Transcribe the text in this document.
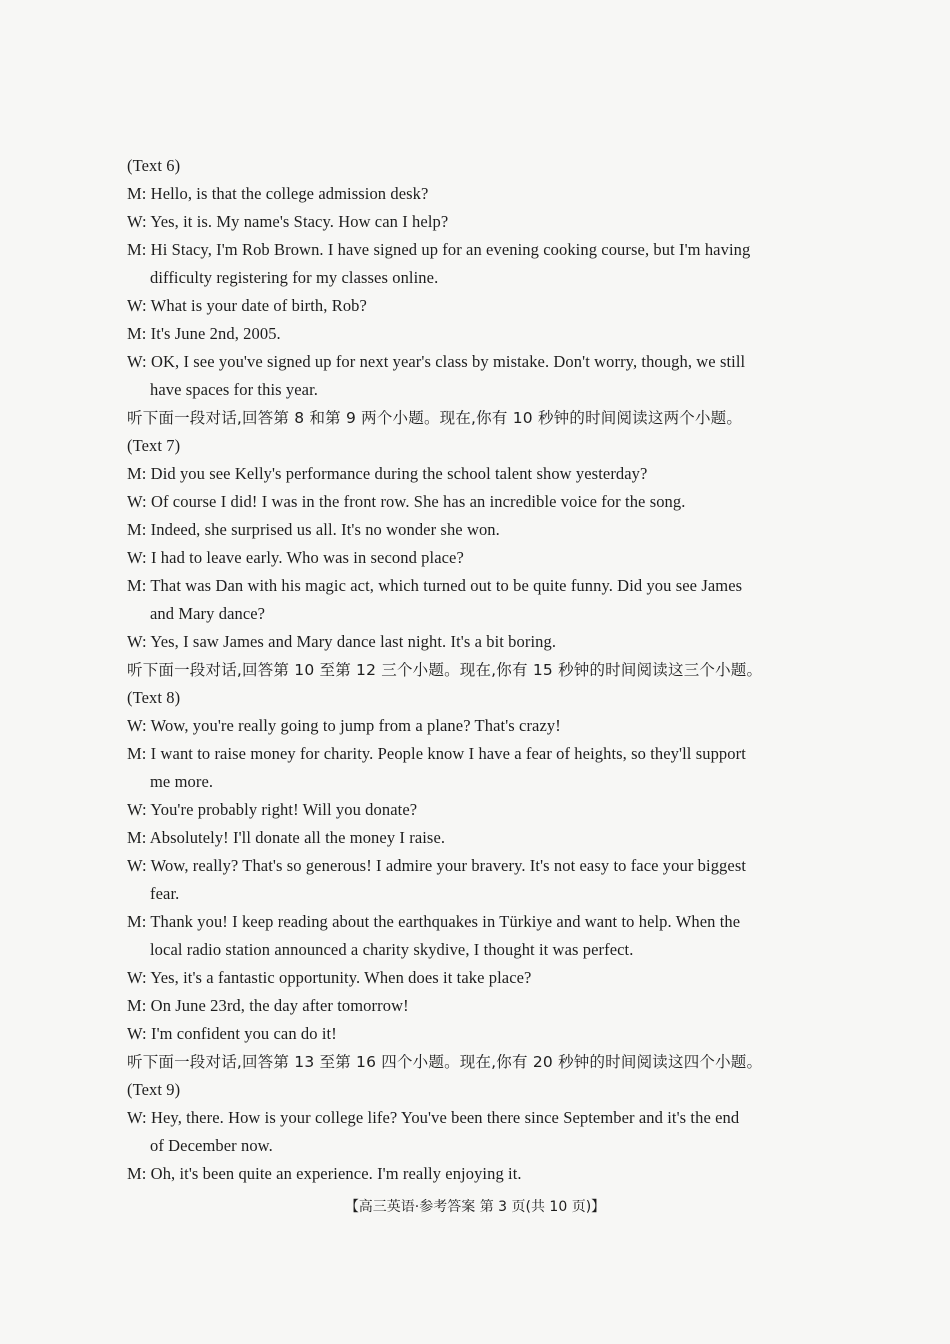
(Text 6)
M: Hello, is that the college admission desk?
W: Yes, it is. My name's Stacy. How can I help?
M: Hi Stacy, I'm Rob Brown. I have signed up for an evening cooking course, but I'm having
difficulty registering for my classes online.
W: What is your date of birth, Rob?
M: It's June 2nd, 2005.
W: OK, I see you've signed up for next year's class by mistake. Don't worry, though, we still
have spaces for this year.
听下面一段对话,回答第 8 和第 9 两个小题。现在,你有 10 秒钟的时间阅读这两个小题。
(Text 7)
M: Did you see Kelly's performance during the school talent show yesterday?
W: Of course I did! I was in the front row. She has an incredible voice for the song.
M: Indeed, she surprised us all. It's no wonder she won.
W: I had to leave early. Who was in second place?
M: That was Dan with his magic act, which turned out to be quite funny. Did you see James
and Mary dance?
W: Yes, I saw James and Mary dance last night. It's a bit boring.
听下面一段对话,回答第 10 至第 12 三个小题。现在,你有 15 秒钟的时间阅读这三个小题。
(Text 8)
W: Wow, you're really going to jump from a plane? That's crazy!
M: I want to raise money for charity. People know I have a fear of heights, so they'll support
me more.
W: You're probably right! Will you donate?
M: Absolutely! I'll donate all the money I raise.
W: Wow, really? That's so generous! I admire your bravery. It's not easy to face your biggest
fear.
M: Thank you! I keep reading about the earthquakes in Türkiye and want to help. When the
local radio station announced a charity skydive, I thought it was perfect.
W: Yes, it's a fantastic opportunity. When does it take place?
M: On June 23rd, the day after tomorrow!
W: I'm confident you can do it!
听下面一段对话,回答第 13 至第 16 四个小题。现在,你有 20 秒钟的时间阅读这四个小题。
(Text 9)
W: Hey, there. How is your college life? You've been there since September and it's the end
of December now.
M: Oh, it's been quite an experience. I'm really enjoying it.
【高三英语·参考答案 第 3 页(共 10 页)】
